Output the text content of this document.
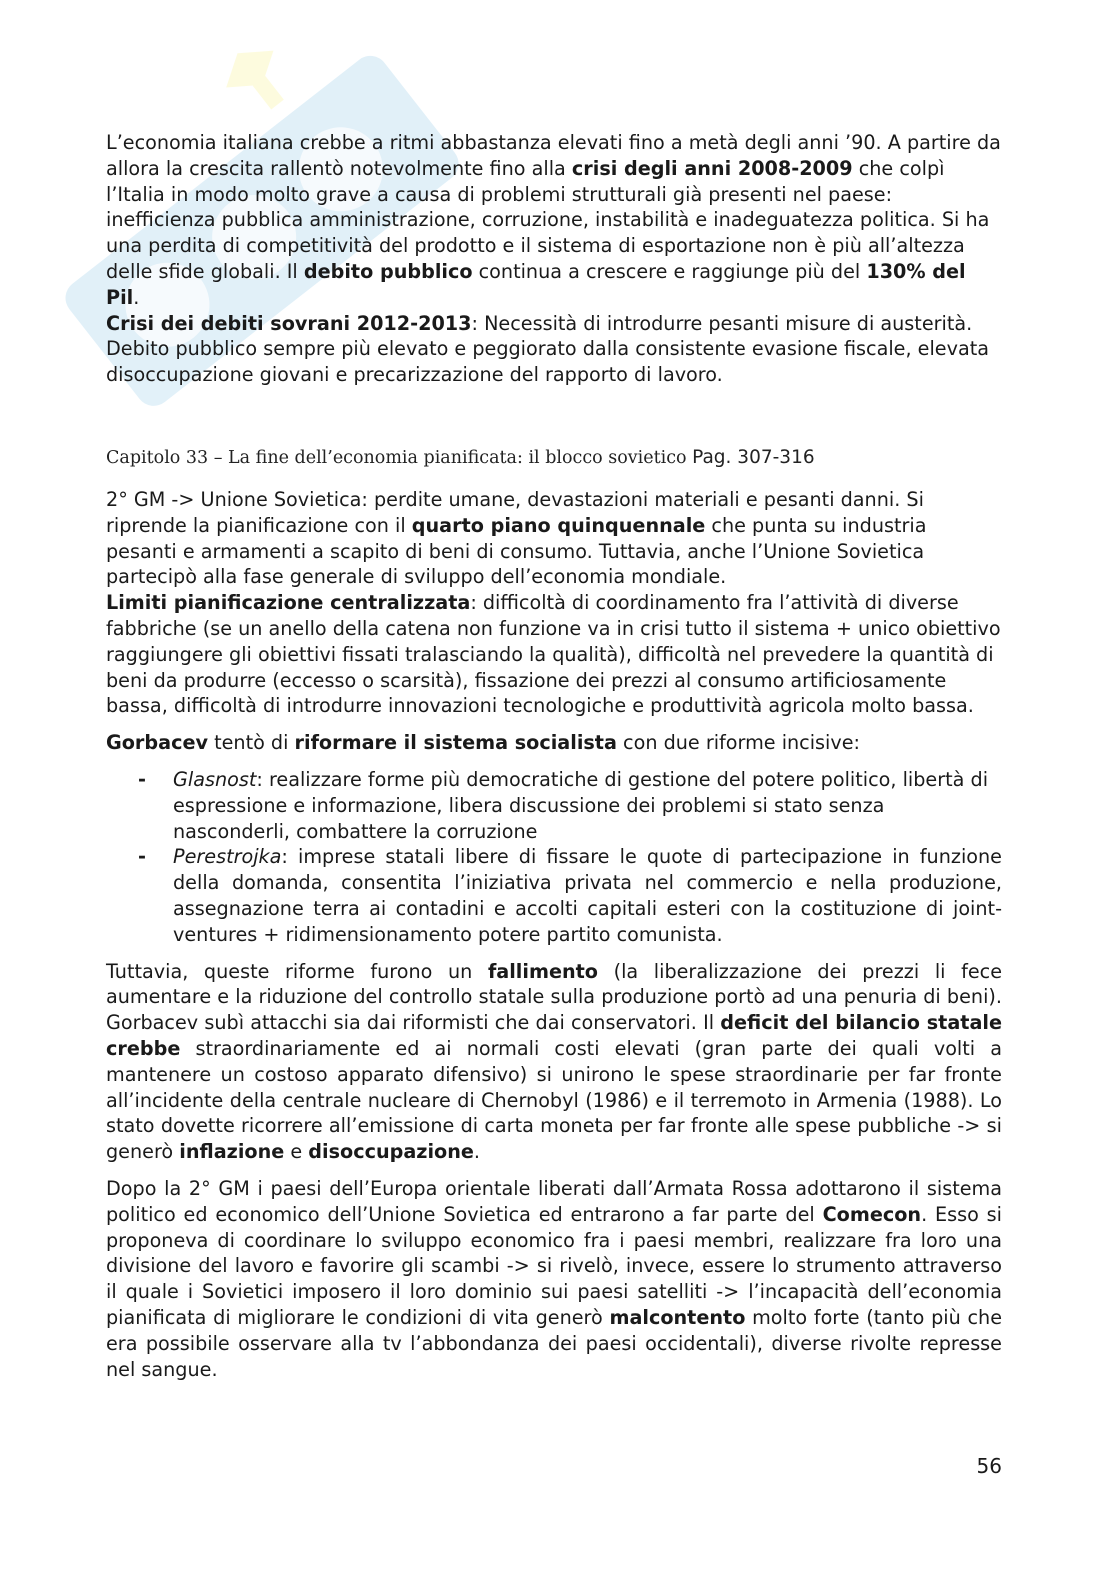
L’economia italiana crebbe a ritmi abbastanza elevati fino a metà degli anni ’90. A partire da allora la crescita rallentò notevolmente fino alla crisi degli anni 2008-2009 che colpì l’Italia in modo molto grave a causa di problemi strutturali già presenti nel paese: inefficienza pubblica amministrazione, corruzione, instabilità e inadeguatezza politica. Si ha una perdita di competitività del prodotto e il sistema di esportazione non è più all’altezza delle sfide globali. Il debito pubblico continua a crescere e raggiunge più del 130% del Pil.

Crisi dei debiti sovrani 2012-2013: Necessità di introdurre pesanti misure di austerità. Debito pubblico sempre più elevato e peggiorato dalla consistente evasione fiscale, elevata disoccupazione giovani e precarizzazione del rapporto di lavoro.

Capitolo 33 – La fine dell’economia pianificata: il blocco sovietico Pag. 307-316

2° GM -> Unione Sovietica: perdite umane, devastazioni materiali e pesanti danni. Si riprende la pianificazione con il quarto piano quinquennale che punta su industria pesanti e armamenti a scapito di beni di consumo. Tuttavia, anche l’Unione Sovietica partecipò alla fase generale di sviluppo dell’economia mondiale.

Limiti pianificazione centralizzata: difficoltà di coordinamento fra l’attività di diverse fabbriche (se un anello della catena non funzione va in crisi tutto il sistema + unico obiettivo raggiungere gli obiettivi fissati tralasciando la qualità), difficoltà nel prevedere la quantità di beni da produrre (eccesso o scarsità), fissazione dei prezzi al consumo artificiosamente bassa, difficoltà di introdurre innovazioni tecnologiche e produttività agricola molto bassa.

Gorbacev tentò di riformare il sistema socialista con due riforme incisive:

- Glasnost: realizzare forme più democratiche di gestione del potere politico, libertà di espressione e informazione, libera discussione dei problemi si stato senza nasconderli, combattere la corruzione
- Perestrojka: imprese statali libere di fissare le quote di partecipazione in funzione della domanda, consentita l’iniziativa privata nel commercio e nella produzione, assegnazione terra ai contadini e accolti capitali esteri con la costituzione di joint-ventures + ridimensionamento potere partito comunista.

Tuttavia, queste riforme furono un fallimento (la liberalizzazione dei prezzi li fece aumentare e la riduzione del controllo statale sulla produzione portò ad una penuria di beni). Gorbacev subì attacchi sia dai riformisti che dai conservatori. Il deficit del bilancio statale crebbe straordinariamente ed ai normali costi elevati (gran parte dei quali volti a mantenere un costoso apparato difensivo) si unirono le spese straordinarie per far fronte all’incidente della centrale nucleare di Chernobyl (1986) e il terremoto in Armenia (1988). Lo stato dovette ricorrere all’emissione di carta moneta per far fronte alle spese pubbliche -> si generò inflazione e disoccupazione.

Dopo la 2° GM i paesi dell’Europa orientale liberati dall’Armata Rossa adottarono il sistema politico ed economico dell’Unione Sovietica ed entrarono a far parte del Comecon. Esso si proponeva di coordinare lo sviluppo economico fra i paesi membri, realizzare fra loro una divisione del lavoro e favorire gli scambi -> si rivelò, invece, essere lo strumento attraverso il quale i Sovietici imposero il loro dominio sui paesi satelliti -> l’incapacità dell’economia pianificata di migliorare le condizioni di vita generò malcontento molto forte (tanto più che era possibile osservare alla tv l’abbondanza dei paesi occidentali), diverse rivolte represse nel sangue.

56
